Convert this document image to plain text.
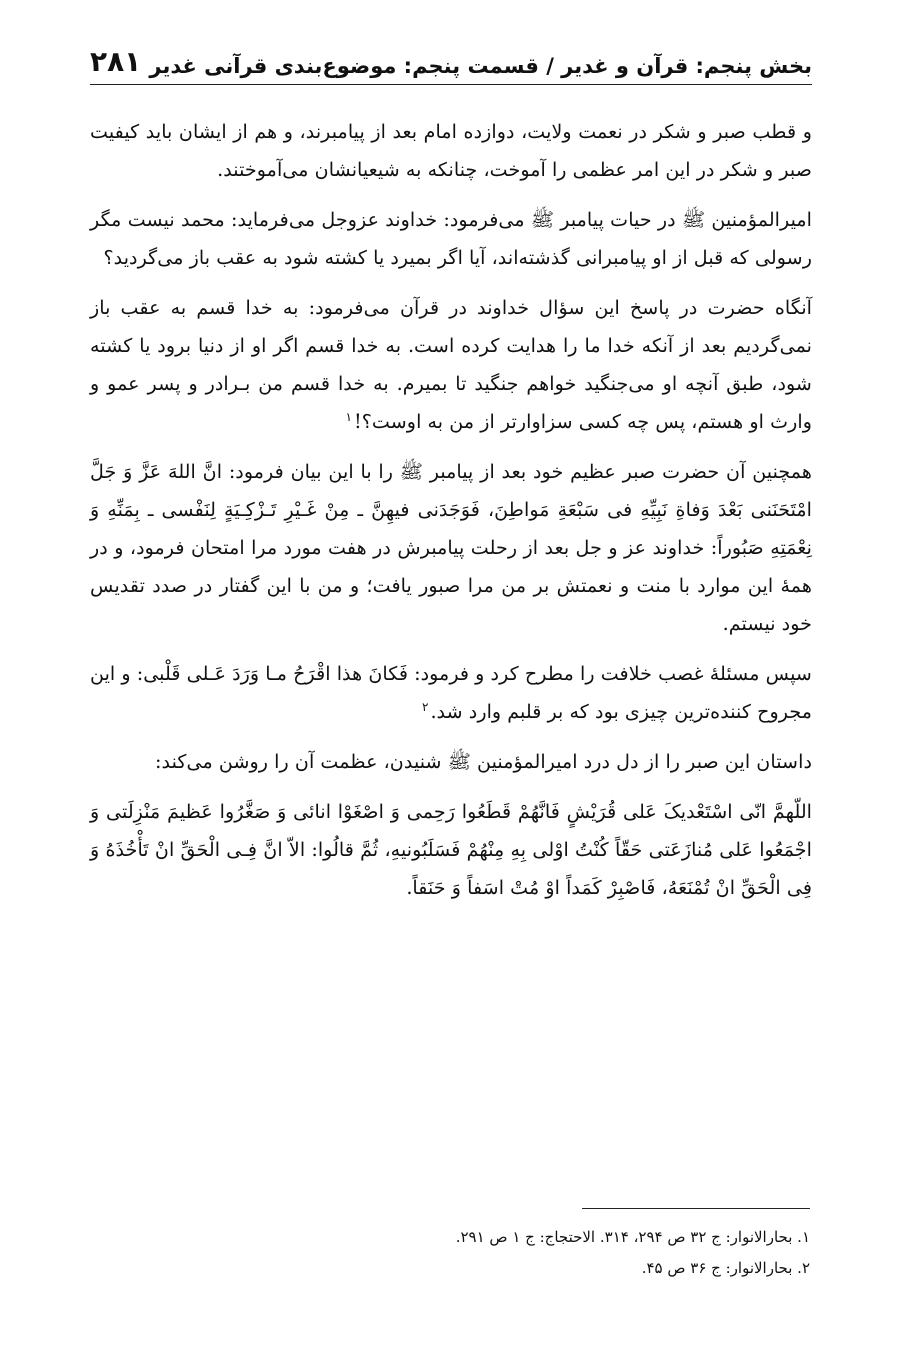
بخش پنجم: قرآن و غدیر / قسمت پنجم: موضوع‌بندی قرآنی غدیر
۲۸۱

و قطب صبر و شکر در نعمت ولایت، دوازده امام بعد از پیامبرند، و هم از ایشان باید کیفیت صبر و شکر در این امر عظمی را آموخت، چنانکه به شیعیانشان می‌آموختند.

امیرالمؤمنین ﷺ در حیات پیامبر ﷺ می‌فرمود: خداوند عزوجل می‌فرماید: محمد نیست مگر رسولی که قبل از او پیامبرانی گذشته‌اند، آیا اگر بمیرد یا کشته شود به عقب باز می‌گردید؟

آنگاه حضرت در پاسخ این سؤال خداوند در قرآن می‌فرمود: به خدا قسم به عقب باز نمی‌گردیم بعد از آنکه خدا ما را هدایت کرده است. به خدا قسم اگر او از دنیا برود یا کشته شود، طبق آنچه او می‌جنگید خواهم جنگید تا بمیرم. به خدا قسم من بـرادر و پسر عمو و وارث او هستم، پس چه کسی سزاوارتر از من به اوست؟!$^۱$

همچنین آن حضرت صبر عظیم خود بعد از پیامبر ﷺ را با این بیان فرمود: انَّ اللهَ عَزَّ وَ جَلَّ امْتَحَنَنی بَعْدَ وَفاةِ نَبِیِّهِ فی سَبْعَةِ مَواطِنَ، فَوَجَدَنی فیهِنَّ ـ مِنْ غَـیْرِ تَـزْکِـیَةٍ لِنَفْسی ـ بِمَنِّهِ وَ نِعْمَتِهِ صَبُوراً: خداوند عز و جل بعد از رحلت پیامبرش در هفت مورد مرا امتحان فرمود، و در همهٔ این موارد با منت و نعمتش بر من مرا صبور یافت؛ و من با این گفتار در صدد تقدیس خود نیستم.

سپس مسئلهٔ غصب خلافت را مطرح کرد و فرمود: فَکانَ هذا اقْرَحُ مـا وَرَدَ عَـلی قَلْبی: و این مجروح کننده‌ترین چیزی بود که بر قلبم وارد شد.$^۲$

داستان این صبر را از دل درد امیرالمؤمنین ﷺ شنیدن، عظمت آن را روشن می‌کند:

اللّهمَّ انّی اسْتَعْدیکَ عَلی قُرَیْشٍ فَانَّهُمْ قَطَعُوا رَحِمی وَ اصْغَوْا انائی وَ صَغَّرُوا عَظیمَ مَنْزِلَتی وَ اجْمَعُوا عَلی مُنازَعَتی حَقّاً کُنْتُ اوْلی بِهِ مِنْهُمْ فَسَلَبُونیهِ، ثُمَّ قالُوا: الاّ انَّ فِـی الْحَقِّ انْ تَأْخُذَهُ وَ فِی الْحَقِّ انْ تُمْنَعَهُ، فَاصْبِرْ کَمَداً اوْ مُتْ اسَفاً وَ حَنَقاً.

۱. بحارالانوار: ج ۳۲ ص ۲۹۴، ۳۱۴. الاحتجاج: ج ۱ ص ۲۹۱.

۲. بحارالانوار: ج ۳۶ ص ۴۵.
